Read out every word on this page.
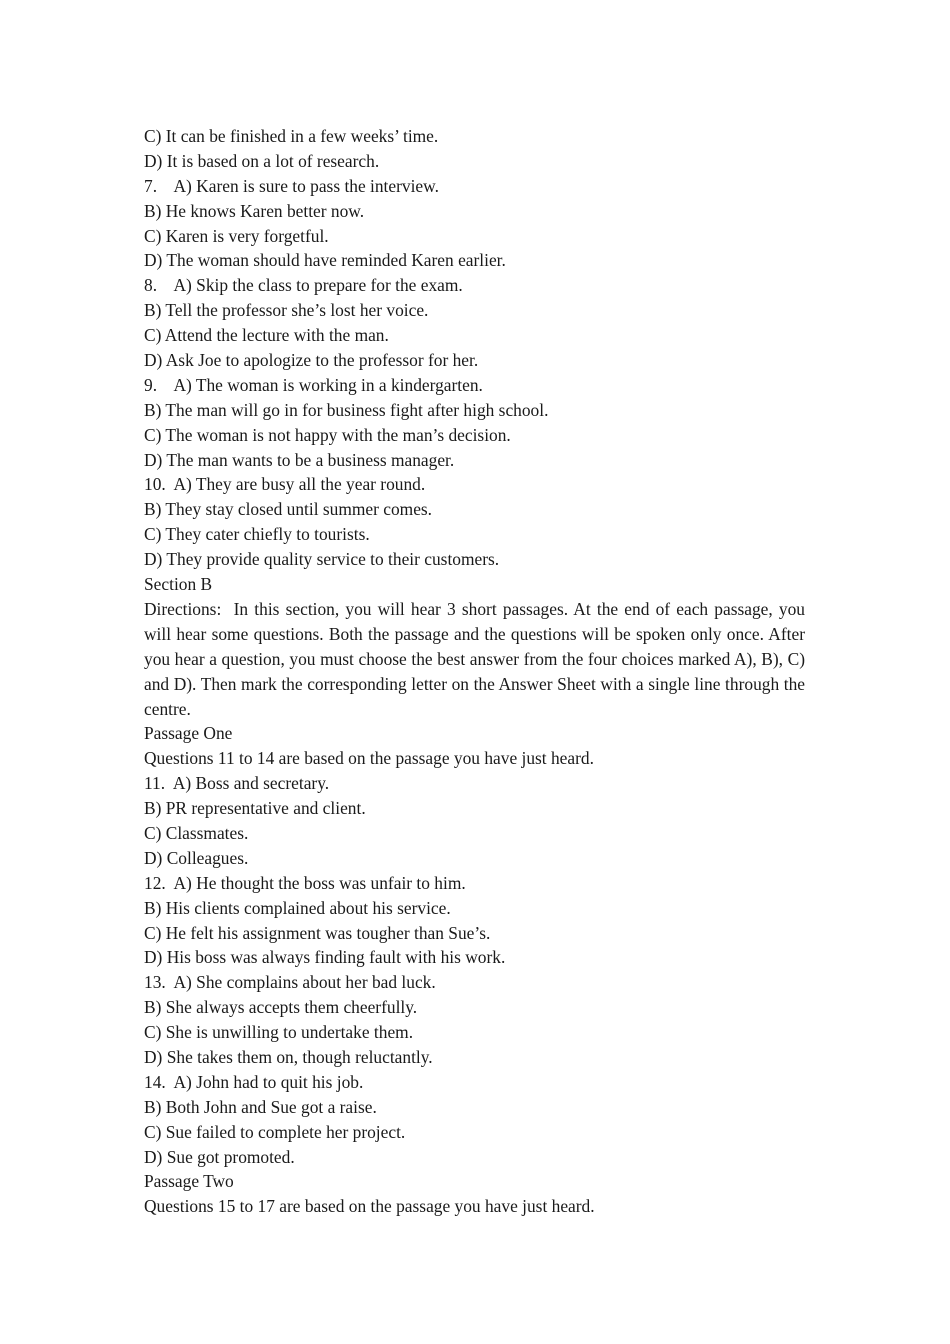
C) It can be finished in a few weeks’ time.
D) It is based on a lot of research.
7.    A) Karen is sure to pass the interview.
B) He knows Karen better now.
C) Karen is very forgetful.
D) The woman should have reminded Karen earlier.
8.    A) Skip the class to prepare for the exam.
B) Tell the professor she’s lost her voice.
C) Attend the lecture with the man.
D) Ask Joe to apologize to the professor for her.
9.    A) The woman is working in a kindergarten.
B) The man will go in for business fight after high school.
C) The woman is not happy with the man’s decision.
D) The man wants to be a business manager.
10.  A) They are busy all the year round.
B) They stay closed until summer comes.
C) They cater chiefly to tourists.
D) They provide quality service to their customers.
Section B
Directions:  In this section, you will hear 3 short passages. At the end of each passage, you will hear some questions. Both the passage and the questions will be spoken only once. After you hear a question, you must choose the best answer from the four choices marked A), B), C) and D). Then mark the corresponding letter on the Answer Sheet with a single line through the centre.
Passage One
Questions 11 to 14 are based on the passage you have just heard.
11.  A) Boss and secretary.
B) PR representative and client.
C) Classmates.
D) Colleagues.
12.  A) He thought the boss was unfair to him.
B) His clients complained about his service.
C) He felt his assignment was tougher than Sue’s.
D) His boss was always finding fault with his work.
13.  A) She complains about her bad luck.
B) She always accepts them cheerfully.
C) She is unwilling to undertake them.
D) She takes them on, though reluctantly.
14.  A) John had to quit his job.
B) Both John and Sue got a raise.
C) Sue failed to complete her project.
D) Sue got promoted.
Passage Two
Questions 15 to 17 are based on the passage you have just heard.
